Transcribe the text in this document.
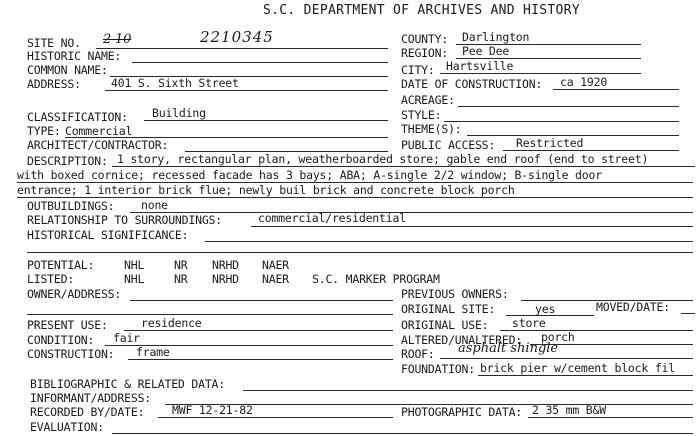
S.C. DEPARTMENT OF ARCHIVES AND HISTORY
SITE NO. 2 10	2210345
HISTORIC NAME:
COMMON NAME:
ADDRESS:	401 S. Sixth Street
CLASSIFICATION: Building
TYPE: Commercial
ARCHITECT/CONTRACTOR:
COUNTY: Darlington
REGION: Pee Dee
CITY: Hartsville
DATE OF CONSTRUCTION: ca 1920
ACREAGE:
STYLE:
THEME(S):
PUBLIC ACCESS: Restricted
DESCRIPTION: 1 story, rectangular plan, weatherboarded store; gable end roof (end to street)
with boxed cornice; recessed facade has 3 bays; ABA; A-single 2/2 window; B-single door
entrance; 1 interior brick flue; newly buil brick and concrete block porch
OUTBUILDINGS: none
RELATIONSHIP TO SURROUNDINGS:	commercial/residential
HISTORICAL SIGNIFICANCE:
POTENTIAL:	NHL	NR NRHD NAER
LISTED:	NHL	NR NRHD NAER S.C. MARKER PROGRAM
OWNER/ADDRESS:	PREVIOUS OWNERS:
ORIGINAL SITE:	yes	MOVED/DATE:
PRESENT USE:	residence	ORIGINAL USE: store
CONDITION: fair	ALTERED/UNALTERED: porch
CONSTRUCTION: frame	ROOF: asphalt shingle
FOUNDATION: brick pier w/cement block fil
BIBLIOGRAPHIC & RELATED DATA:
INFORMANT/ADDRESS:
RECORDED BY/DATE: MWF 12-21-82	PHOTOGRAPHIC DATA: 2 35 mm B&W
EVALUATION:
